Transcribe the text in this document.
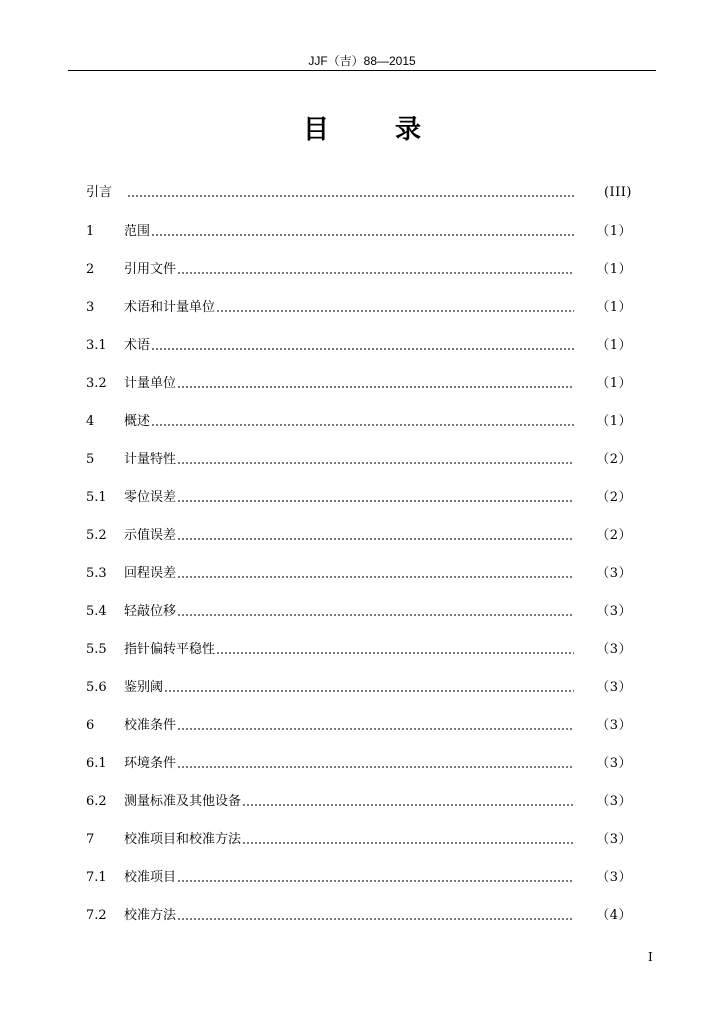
JJF（吉）88—2015
目	录
引言	(III)
1	范围	（1）
2	引用文件	（1）
3	术语和计量单位	（1）
3.1	术语	（1）
3.2	计量单位	（1）
4	概述	（1）
5	计量特性	（2）
5.1	零位误差	（2）
5.2	示值误差	（2）
5.3	回程误差	（3）
5.4	轻敲位移	（3）
5.5	指针偏转平稳性	（3）
5.6	鉴别阈	（3）
6	校准条件	（3）
6.1	环境条件	（3）
6.2	测量标准及其他设备	（3）
7	校准项目和校准方法	（3）
7.1	校准项目	（3）
7.2	校准方法	（4）
I
